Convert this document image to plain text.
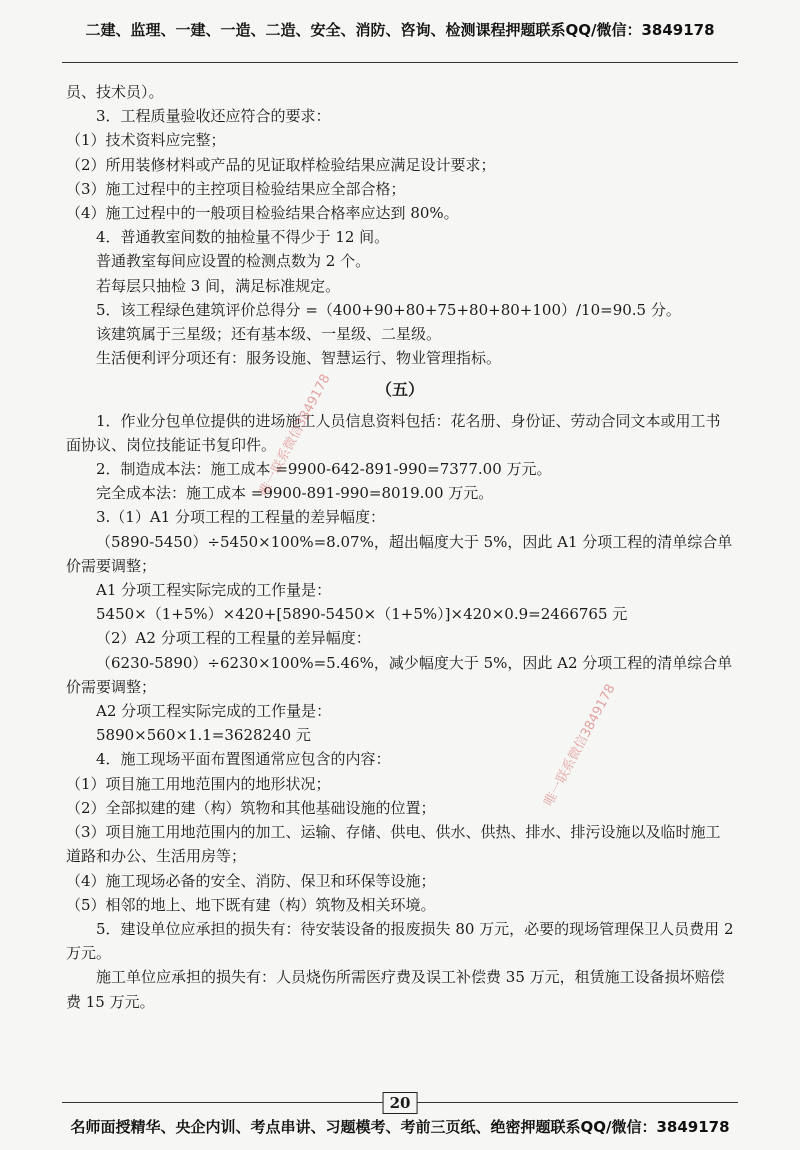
二建、监理、一建、一造、二造、安全、消防、咨询、检测课程押题联系QQ/微信：3849178

员、技术员）。

3．工程质量验收还应符合的要求：

（1）技术资料应完整；

（2）所用装修材料或产品的见证取样检验结果应满足设计要求；

（3）施工过程中的主控项目检验结果应全部合格；

（4）施工过程中的一般项目检验结果合格率应达到 80%。

4．普通教室间数的抽检量不得少于 12 间。

普通教室每间应设置的检测点数为 2 个。

若每层只抽检 3 间，满足标准规定。

5．该工程绿色建筑评价总得分 =（400+90+80+75+80+80+100）/10=90.5 分。

该建筑属于三星级；还有基本级、一星级、二星级。

生活便利评分项还有：服务设施、智慧运行、物业管理指标。

（五）

1．作业分包单位提供的进场施工人员信息资料包括：花名册、身份证、劳动合同文本或用工书面协议、岗位技能证书复印件。

2．制造成本法：施工成本 =9900-642-891-990=7377.00 万元。

完全成本法：施工成本 =9900-891-990=8019.00 万元。

3.（1）A1 分项工程的工程量的差异幅度：

（5890-5450）÷5450×100%=8.07%，超出幅度大于 5%，因此 A1 分项工程的清单综合单价需要调整；

A1 分项工程实际完成的工作量是：

5450×（1+5%）×420+[5890-5450×（1+5%）]×420×0.9=2466765 元

（2）A2 分项工程的工程量的差异幅度：

（6230-5890）÷6230×100%=5.46%，减少幅度大于 5%，因此 A2 分项工程的清单综合单价需要调整；

A2 分项工程实际完成的工作量是：

5890×560×1.1=3628240 元

4．施工现场平面布置图通常应包含的内容：

（1）项目施工用地范围内的地形状况；

（2）全部拟建的建（构）筑物和其他基础设施的位置；

（3）项目施工用地范围内的加工、运输、存储、供电、供水、供热、排水、排污设施以及临时施工道路和办公、生活用房等；

（4）施工现场必备的安全、消防、保卫和环保等设施；

（5）相邻的地上、地下既有建（构）筑物及相关环境。

5．建设单位应承担的损失有：待安装设备的报废损失 80 万元，必要的现场管理保卫人员费用 2 万元。

施工单位应承担的损失有：人员烧伤所需医疗费及误工补偿费 35 万元，租赁施工设备损坏赔偿费 15 万元。

唯一联系微信3849178
唯一联系微信3849178
20
名师面授精华、央企内训、考点串讲、习题模考、考前三页纸、绝密押题联系QQ/微信：3849178
